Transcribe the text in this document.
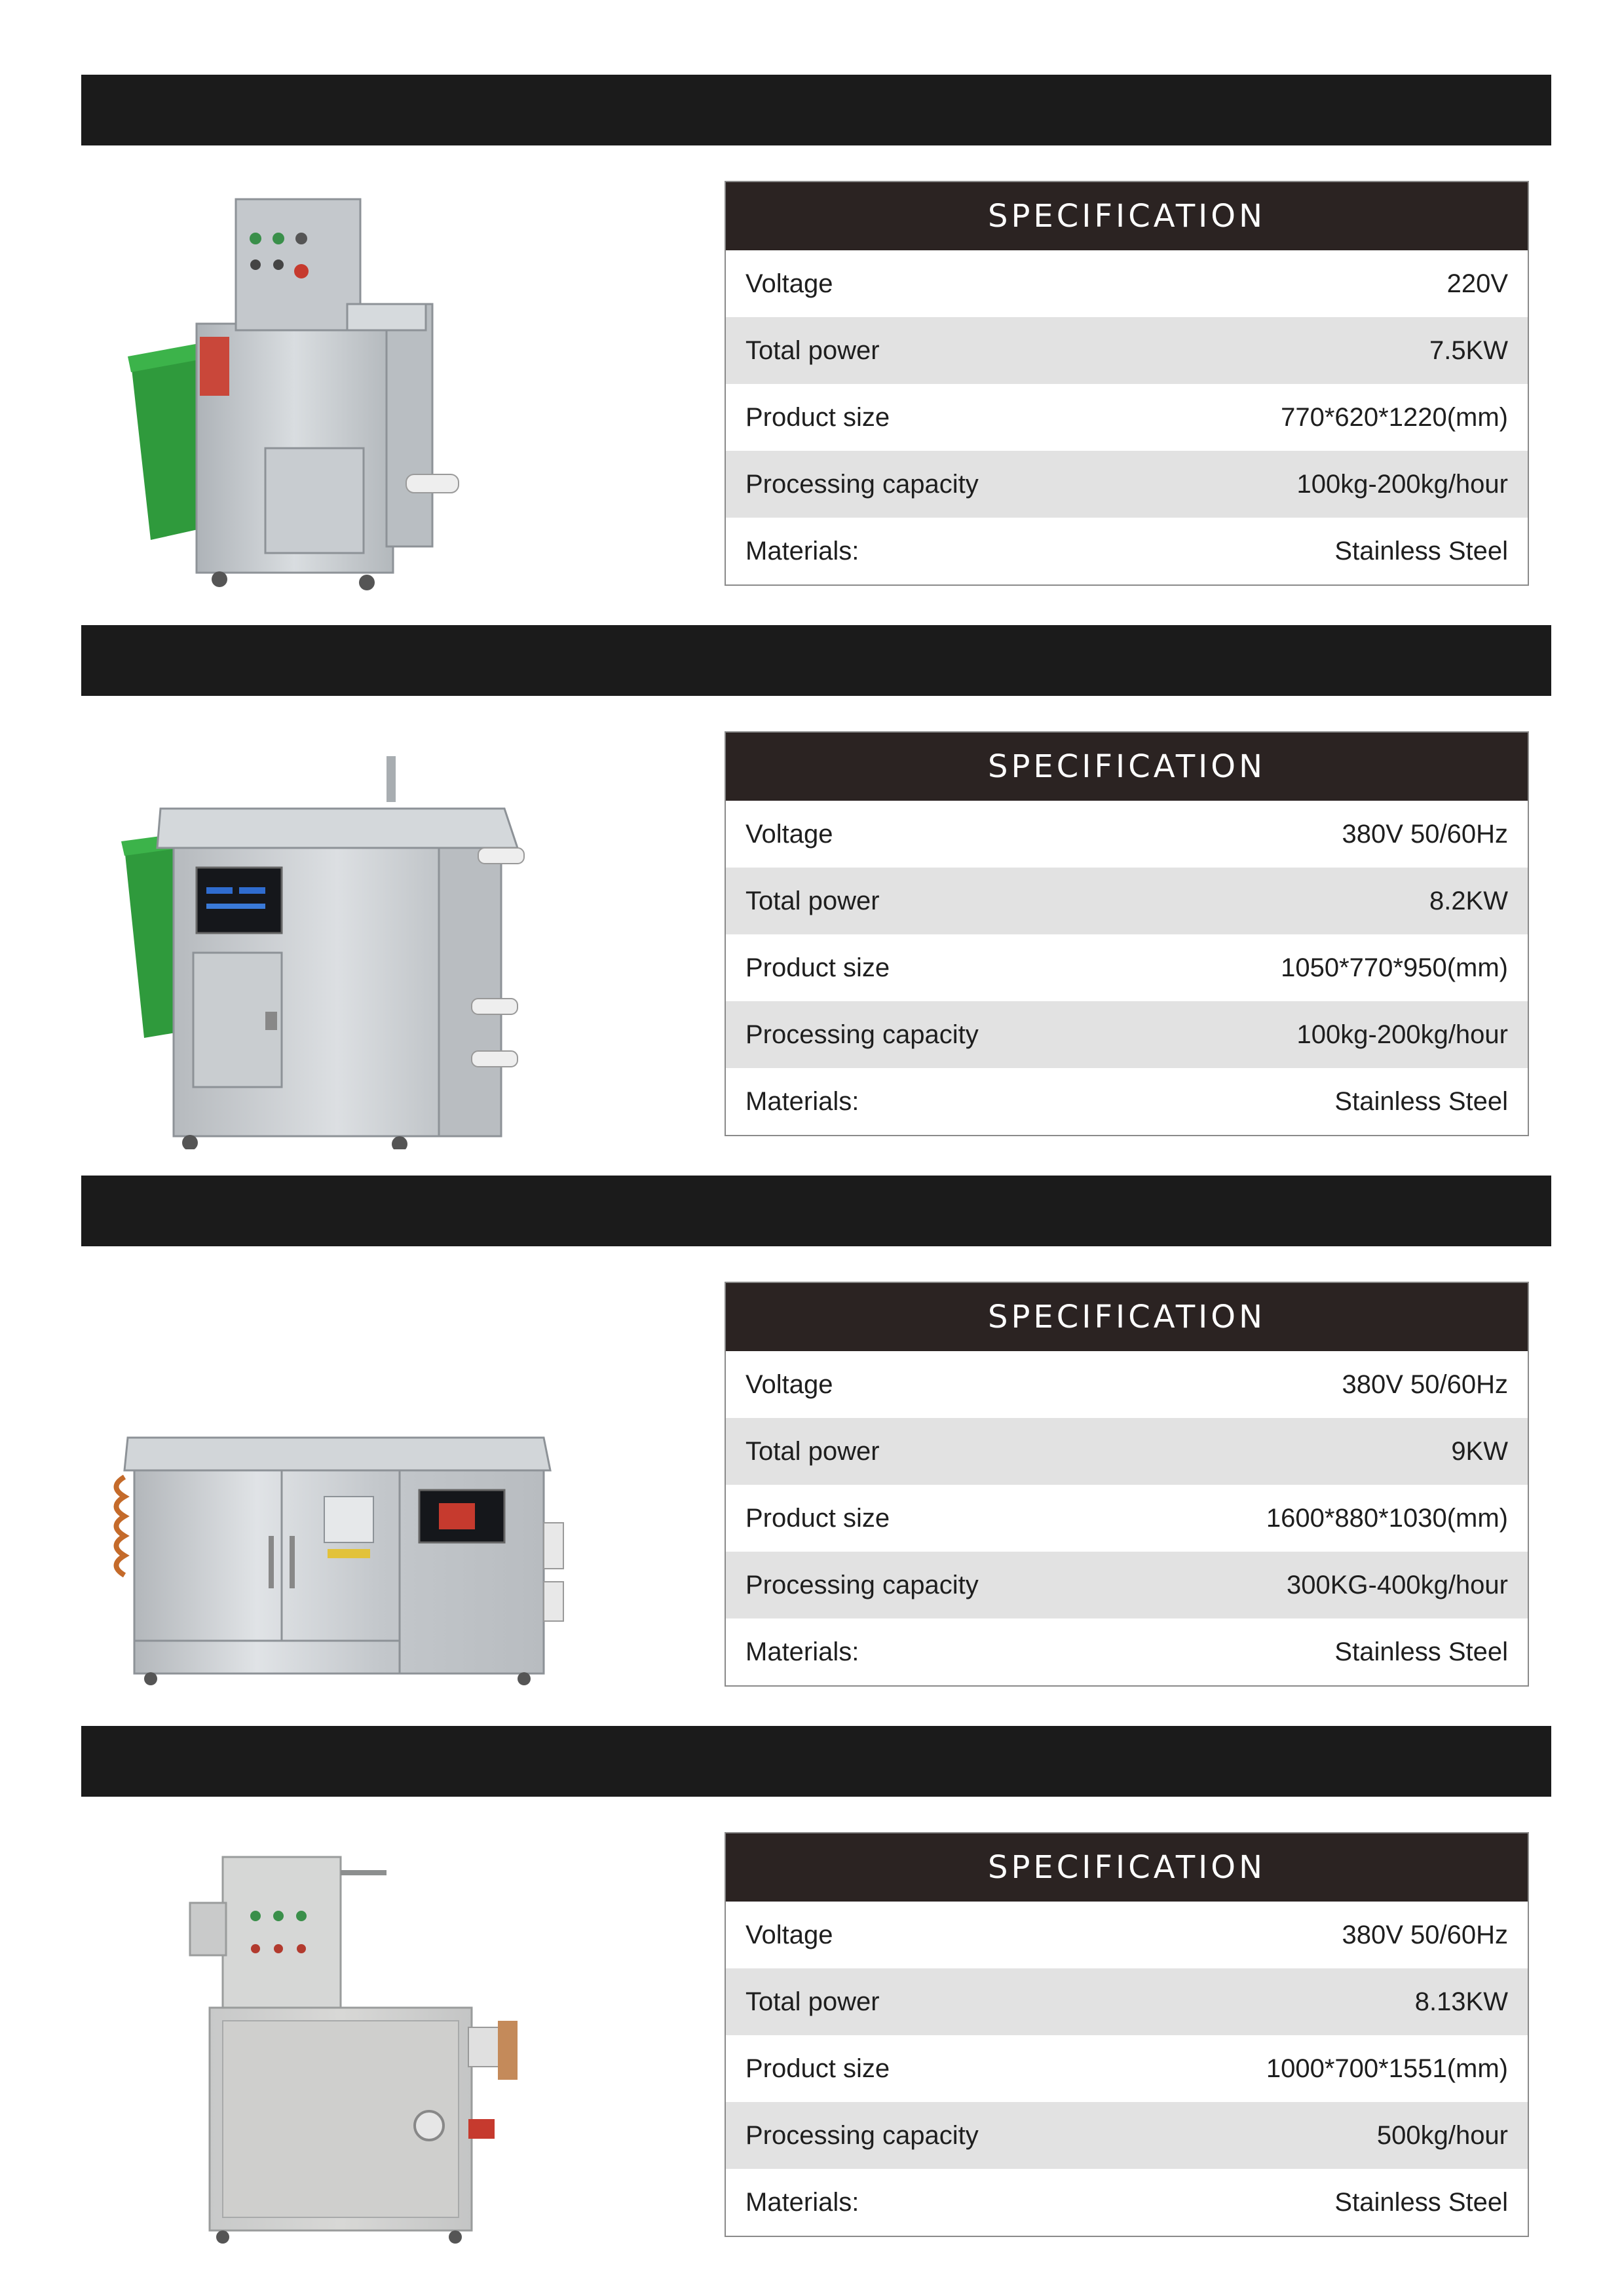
SPECIFICATION
Voltage	220V
Total power	7.5KW
Product size	770*620*1220(mm)
Processing capacity	100kg-200kg/hour
Materials:	Stainless Steel
SPECIFICATION
Voltage	380V 50/60Hz
Total power	8.2KW
Product size	1050*770*950(mm)
Processing capacity	100kg-200kg/hour
Materials:	Stainless Steel
SPECIFICATION
Voltage	380V 50/60Hz
Total power	9KW
Product size	1600*880*1030(mm)
Processing capacity	300KG-400kg/hour
Materials:	Stainless Steel
SPECIFICATION
Voltage	380V 50/60Hz
Total power	8.13KW
Product size	1000*700*1551(mm)
Processing capacity	500kg/hour
Materials:	Stainless Steel
